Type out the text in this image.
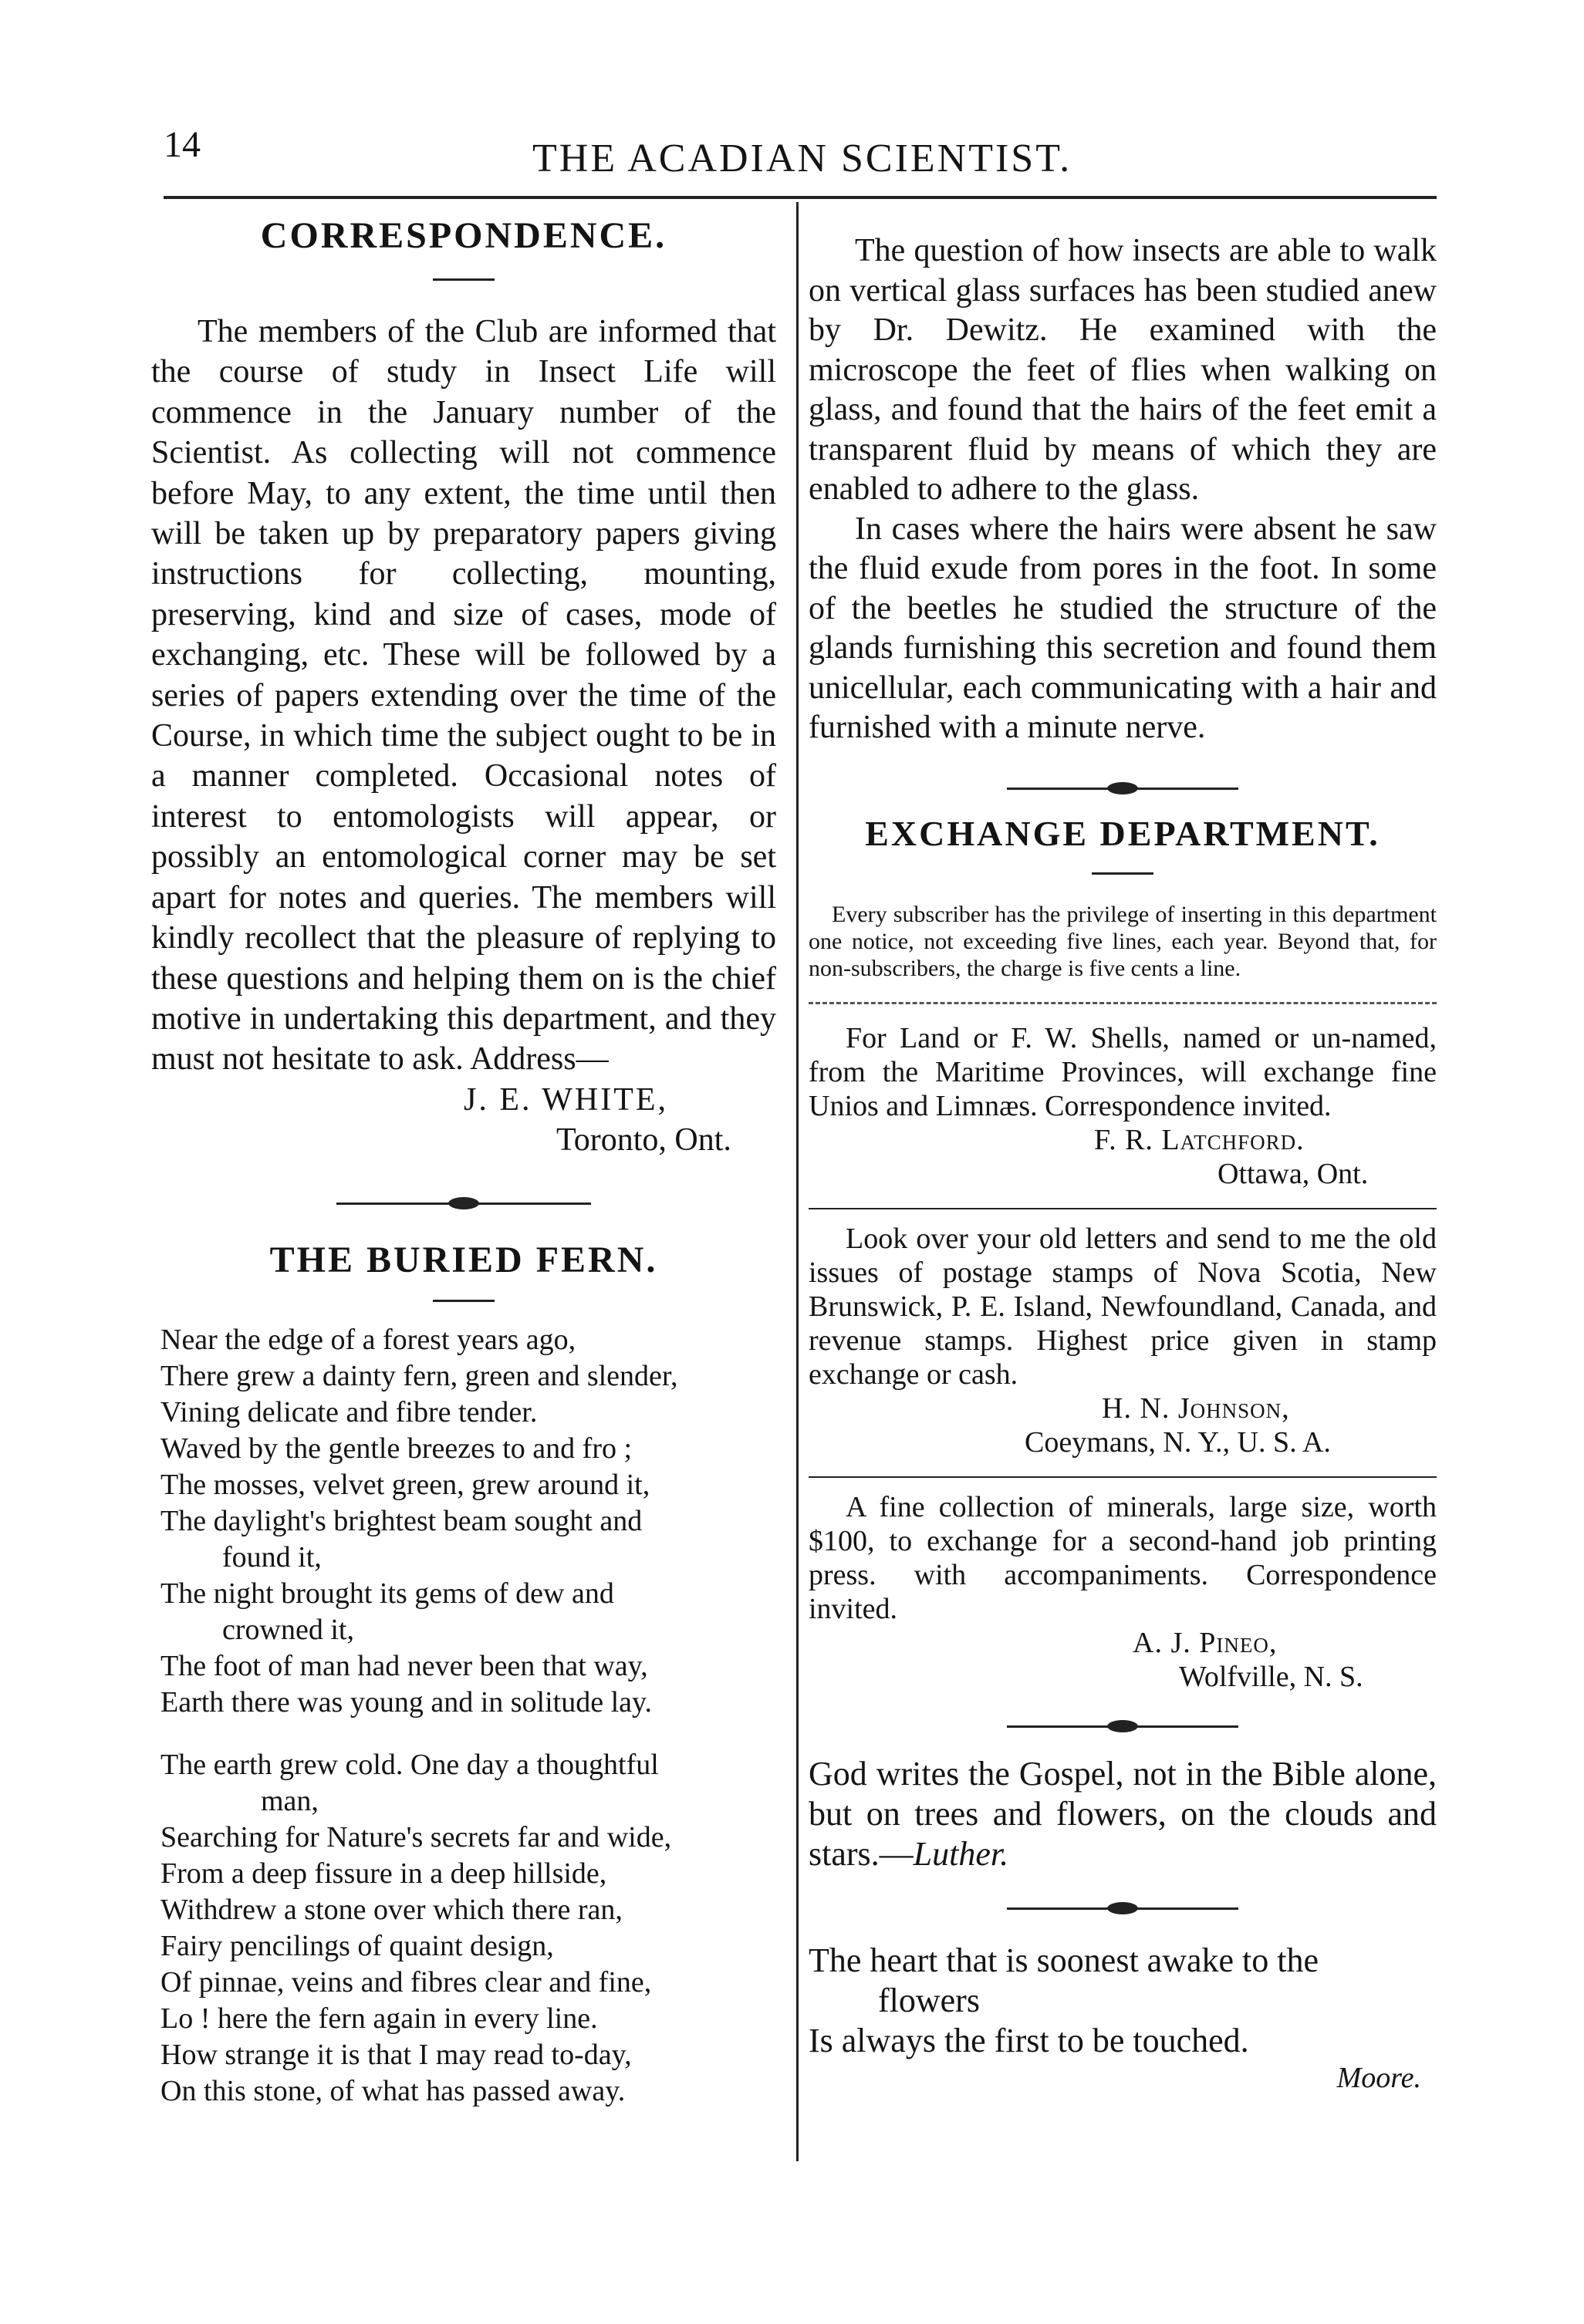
14	THE ACADIAN SCIENTIST.
CORRESPONDENCE.

The members of the Club are informed that the course of study in Insect Life will commence in the January number of the Scientist. As collecting will not commence before May, to any extent, the time until then will be taken up by preparatory papers giving instructions for collecting, mounting, preserving, kind and size of cases, mode of exchanging, etc. These will be followed by a series of papers extending over the time of the Course, in which time the subject ought to be in a manner completed. Occasional notes of interest to entomologists will appear, or possibly an entomological corner may be set apart for notes and queries. The members will kindly recollect that the pleasure of replying to these questions and helping them on is the chief motive in undertaking this department, and they must not hesitate to ask. Address—

J. E. WHITE,
Toronto, Ont.
THE BURIED FERN.
Near the edge of a forest years ago,
There grew a dainty fern, green and slender,
Vining delicate and fibre tender.
Waved by the gentle breezes to and fro ;
The mosses, velvet green, grew around it,
The daylight's brightest beam sought and
found it,
The night brought its gems of dew and
crowned it,
The foot of man had never been that way,
Earth there was young and in solitude lay.
The earth grew cold. One day a thoughtful
man,
Searching for Nature's secrets far and wide,
From a deep fissure in a deep hillside,
Withdrew a stone over which there ran,
Fairy pencilings of quaint design,
Of pinnae, veins and fibres clear and fine,
Lo ! here the fern again in every line.
How strange it is that I may read to-day,
On this stone, of what has passed away.

The question of how insects are able to walk on vertical glass surfaces has been studied anew by Dr. Dewitz. He examined with the microscope the feet of flies when walking on glass, and found that the hairs of the feet emit a transparent fluid by means of which they are enabled to adhere to the glass.

In cases where the hairs were absent he saw the fluid exude from pores in the foot. In some of the beetles he studied the structure of the glands furnishing this secretion and found them unicellular, each communicating with a hair and furnished with a minute nerve.

EXCHANGE DEPARTMENT.

Every subscriber has the privilege of inserting in this department one notice, not exceeding five lines, each year. Beyond that, for non-subscribers, the charge is five cents a line.

For Land or F. W. Shells, named or un-named, from the Maritime Provinces, will exchange fine Unios and Limnæs. Correspondence invited.

F. R. Latchford.
Ottawa, Ont.

Look over your old letters and send to me the old issues of postage stamps of Nova Scotia, New Brunswick, P. E. Island, Newfoundland, Canada, and revenue stamps. Highest price given in stamp exchange or cash.

H. N. Johnson,
Coeymans, N. Y., U. S. A.

A fine collection of minerals, large size, worth $100, to exchange for a second-hand job printing press. with accompaniments. Correspondence invited.

A. J. Pineo,
Wolfville, N. S.

God writes the Gospel, not in the Bible alone, but on trees and flowers, on the clouds and stars.—Luther.

The heart that is soonest awake to the
flowers
Is always the first to be touched.
Moore.
